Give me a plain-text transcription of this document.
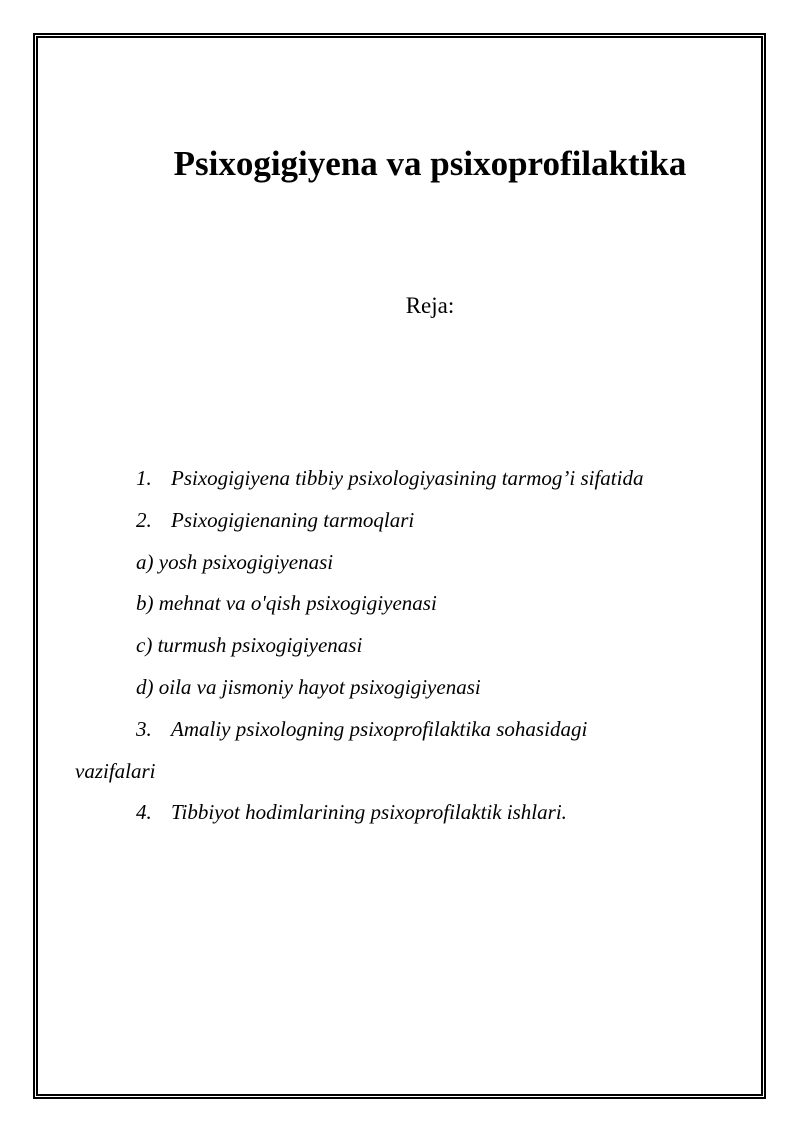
Psixogigiyena va psixoprofilaktika

Reja:

1. Psixogigiyena tibbiy psixologiyasining tarmog’i sifatida
2. Psixogigienaning tarmoqlari
a) yosh psixogigiyenasi
b) mehnat va o'qish psixogigiyenasi
c) turmush psixogigiyenasi
d) oila va jismoniy hayot psixogigiyenasi
3. Amaliy psixologning psixoprofilaktika sohasidagi
vazifalari
4. Tibbiyot hodimlarining psixoprofilaktik ishlari.
